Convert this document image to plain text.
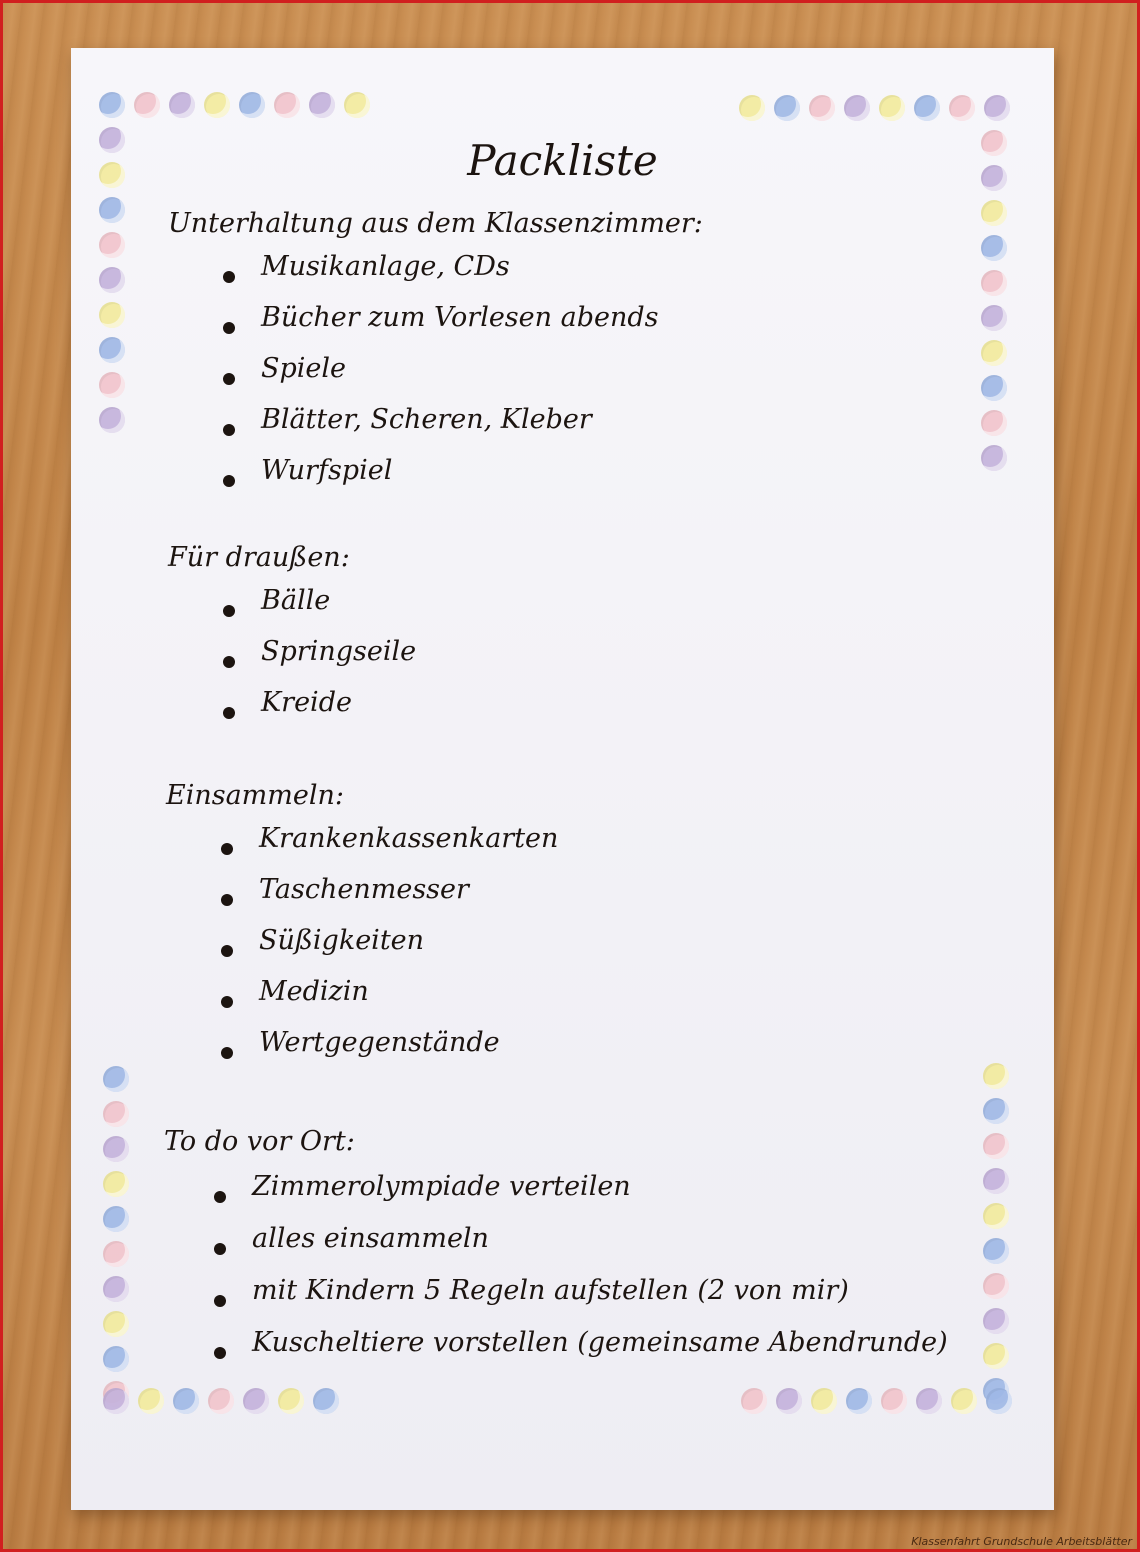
Packliste
Unterhaltung aus dem Klassenzimmer:
Musikanlage, CDs
Bücher zum Vorlesen abends
Spiele
Blätter, Scheren, Kleber
Wurfspiel
Für draußen:
Bälle
Springseile
Kreide
Einsammeln:
Krankenkassenkarten
Taschenmesser
Süßigkeiten
Medizin
Wertgegenstände
To do vor Ort:
Zimmerolympiade verteilen
alles einsammeln
mit Kindern 5 Regeln aufstellen (2 von mir)
Kuscheltiere vorstellen (gemeinsame Abendrunde)
Klassenfahrt Grundschule Arbeitsblätter
